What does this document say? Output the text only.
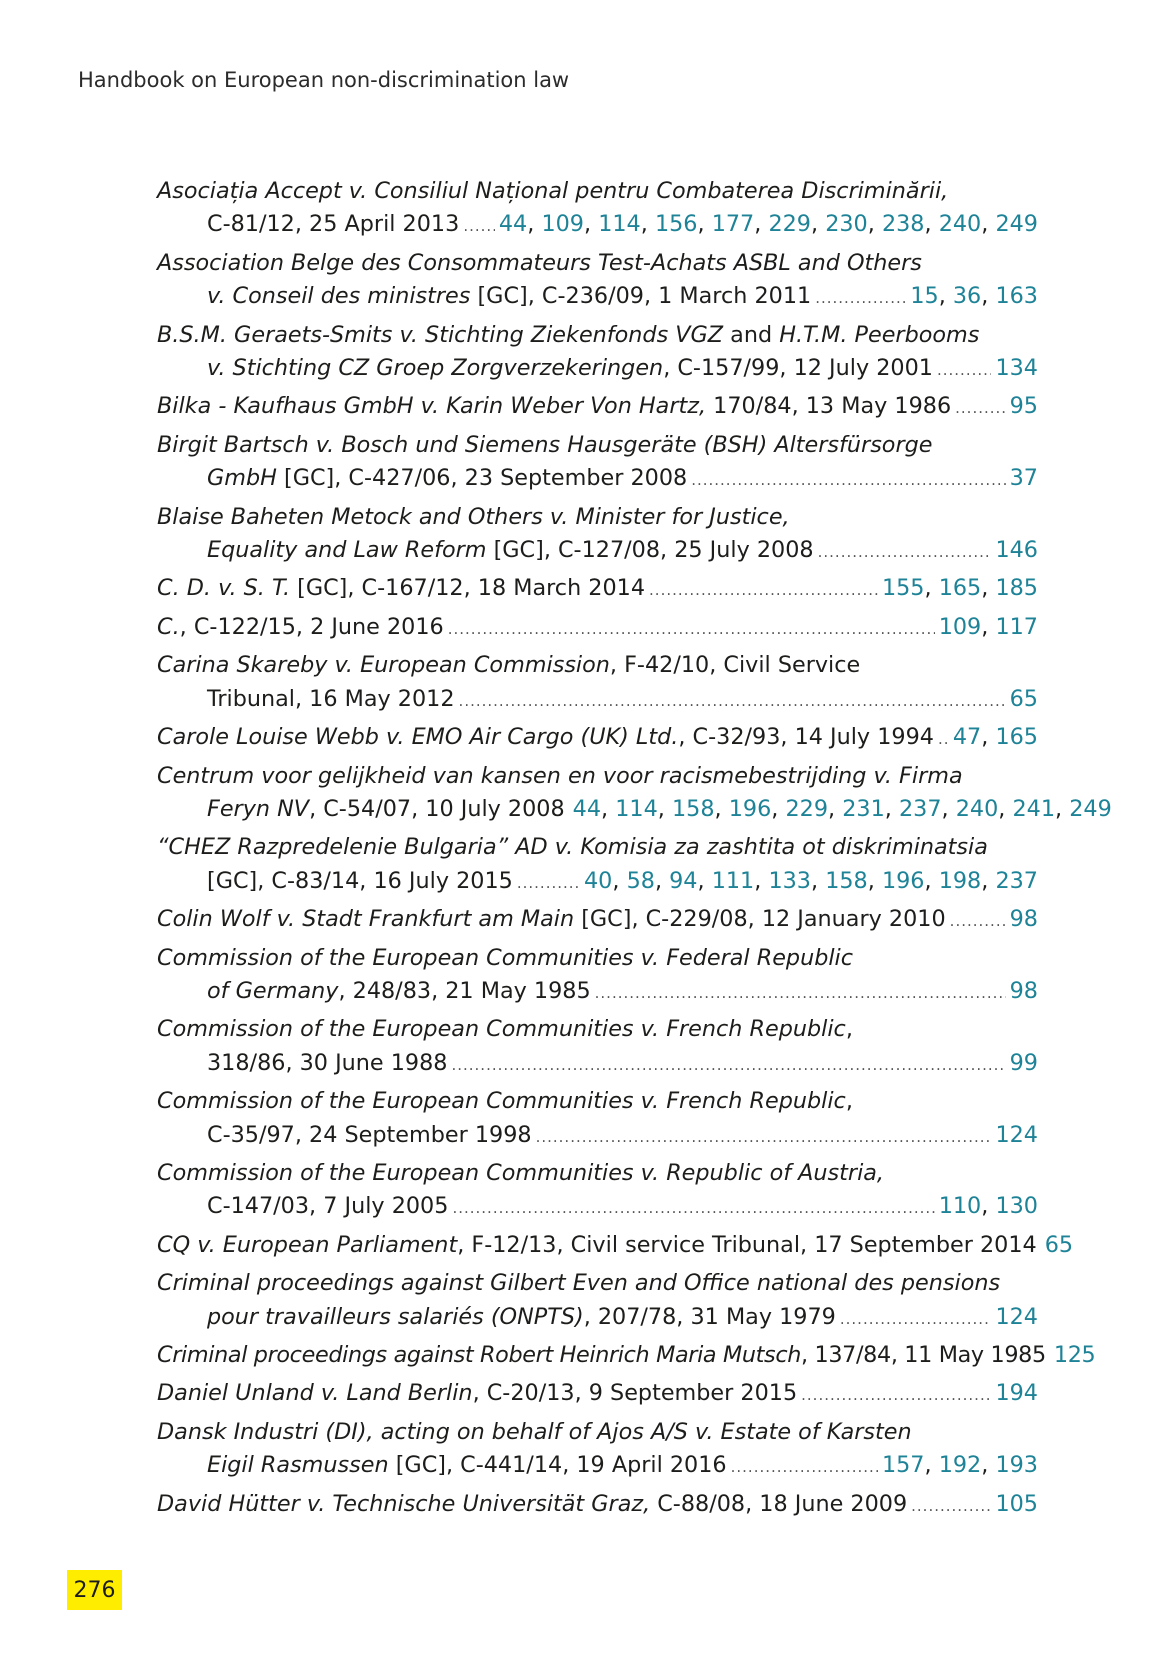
Handbook on European non-discrimination law
Asociația Accept v. Consiliul Național pentru Combaterea Discriminării,
C-81/12, 25 April 2013 ..... 44, 109, 114, 156, 177, 229, 230, 238, 240, 249
Association Belge des Consommateurs Test-Achats ASBL and Others
v. Conseil des ministres [GC], C-236/09, 1 March 2011 .....	15, 36, 163
B.S.M. Geraets-Smits v. Stichting Ziekenfonds VGZ and H.T.M. Peerbooms
v. Stichting CZ Groep Zorgverzekeringen, C-157/99, 12 July 2001 .....	134
Bilka - Kaufhaus GmbH v. Karin Weber Von Hartz, 170/84, 13 May 1986 .....	95
Birgit Bartsch v. Bosch und Siemens Hausgeräte (BSH) Altersfürsorge
GmbH [GC], C-427/06, 23 September 2008 .....	37
Blaise Baheten Metock and Others v. Minister for Justice,
Equality and Law Reform [GC], C-127/08, 25 July 2008 .....	146
C. D. v. S. T. [GC], C-167/12, 18 March 2014 .....	155, 165, 185
C., C-122/15, 2 June 2016 .....	109, 117
Carina Skareby v. European Commission, F-42/10, Civil Service
Tribunal, 16 May 2012 .....	65
Carole Louise Webb v. EMO Air Cargo (UK) Ltd., C-32/93, 14 July 1994 ..... 47, 165
Centrum voor gelijkheid van kansen en voor racismebestrijding v. Firma
Feryn NV, C-54/07, 10 July 2008 44, 114, 158, 196, 229, 231, 237, 240, 241, 249
“CHEZ Razpredelenie Bulgaria” AD v. Komisia za zashtita ot diskriminatsia
[GC], C-83/14, 16 July 2015 .....	40, 58, 94, 111, 133, 158, 196, 198, 237
Colin Wolf v. Stadt Frankfurt am Main [GC], C-229/08, 12 January 2010 .....	98
Commission of the European Communities v. Federal Republic
of Germany, 248/83, 21 May 1985 .....	98
Commission of the European Communities v. French Republic,
318/86, 30 June 1988 .....	99
Commission of the European Communities v. French Republic,
C-35/97, 24 September 1998 .....	124
Commission of the European Communities v. Republic of Austria,
C-147/03, 7 July 2005 .....	110, 130
CQ v. European Parliament, F-12/13, Civil service Tribunal, 17 September 2014 65
Criminal proceedings against Gilbert Even and Office national des pensions
pour travailleurs salariés (ONPTS), 207/78, 31 May 1979 .....	124
Criminal proceedings against Robert Heinrich Maria Mutsch, 137/84, 11 May 1985 125
Daniel Unland v. Land Berlin, C-20/13, 9 September 2015 .....	194
Dansk Industri (DI), acting on behalf of Ajos A/S v. Estate of Karsten
Eigil Rasmussen [GC], C-441/14, 19 April 2016 .....	157, 192, 193
David Hütter v. Technische Universität Graz, C-88/08, 18 June 2009 .....	105
276
